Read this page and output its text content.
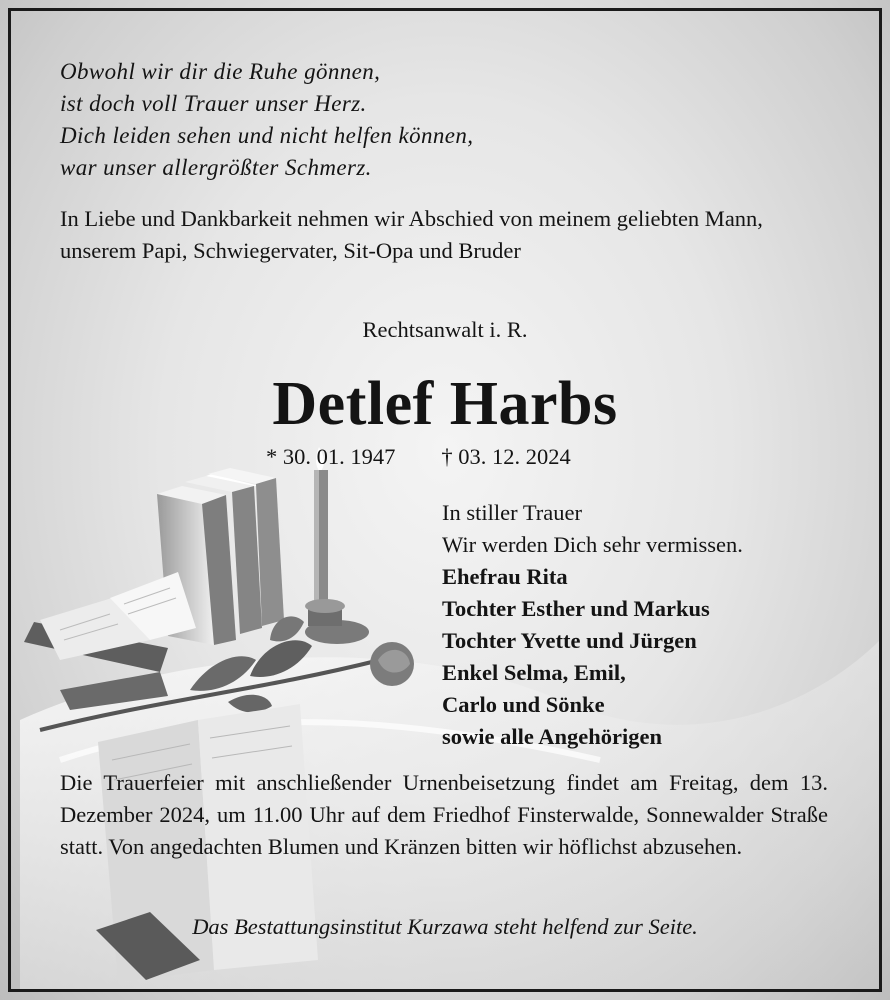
Obwohl wir dir die Ruhe gönnen,
ist doch voll Trauer unser Herz.
Dich leiden sehen und nicht helfen können,
war unser allergrößter Schmerz.

In Liebe und Dankbarkeit nehmen wir Abschied von meinem geliebten Mann, unserem Papi, Schwiegervater, Sit-Opa und Bruder

Rechtsanwalt i. R.
Detlef Harbs
* 30. 01. 1947 † 03. 12. 2024
In stiller Trauer
Wir werden Dich sehr vermissen.
Ehefrau Rita
Tochter Esther und Markus
Tochter Yvette und Jürgen
Enkel Selma, Emil,
Carlo und Sönke
sowie alle Angehörigen

Die Trauerfeier mit anschließender Urnenbeisetzung findet am Freitag, dem 13. Dezember 2024, um 11.00 Uhr auf dem Friedhof Finsterwalde, Sonnewalder Straße statt. Von angedachten Blumen und Kränzen bitten wir höflichst abzusehen.

Das Bestattungsinstitut Kurzawa steht helfend zur Seite.
